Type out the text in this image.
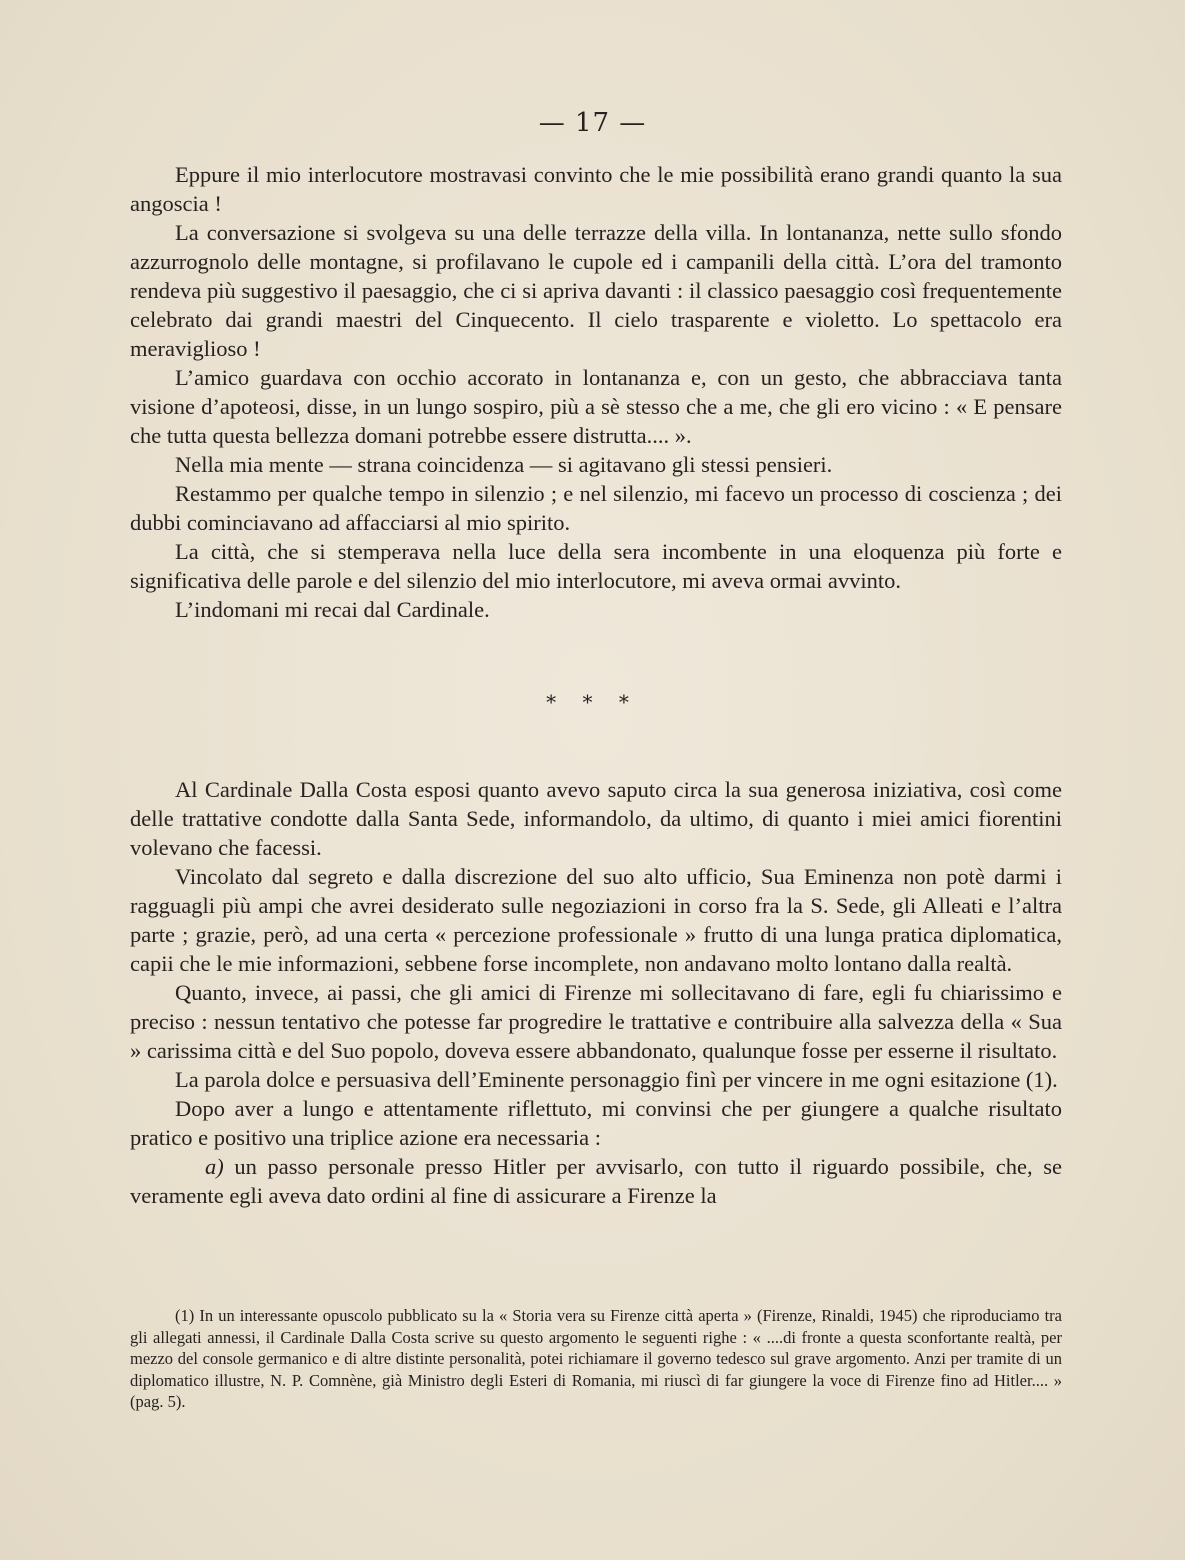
— 17 —

Eppure il mio interlocutore mostravasi convinto che le mie possibilità erano grandi quanto la sua angoscia !

La conversazione si svolgeva su una delle terrazze della villa. In lontananza, nette sullo sfondo azzurrognolo delle montagne, si profilavano le cupole ed i campanili della città. L’ora del tramonto rendeva più suggestivo il paesaggio, che ci si apriva davanti : il classico paesaggio così frequentemente celebrato dai grandi maestri del Cinquecento. Il cielo trasparente e violetto. Lo spettacolo era meraviglioso !

L’amico guardava con occhio accorato in lontananza e, con un gesto, che abbracciava tanta visione d’apoteosi, disse, in un lungo sospiro, più a sè stesso che a me, che gli ero vicino : « E pensare che tutta questa bellezza domani potrebbe essere distrutta.... ».

Nella mia mente — strana coincidenza — si agitavano gli stessi pensieri.

Restammo per qualche tempo in silenzio ; e nel silenzio, mi facevo un processo di coscienza ; dei dubbi cominciavano ad affacciarsi al mio spirito.

La città, che si stemperava nella luce della sera incombente in una eloquenza più forte e significativa delle parole e del silenzio del mio interlocutore, mi aveva ormai avvinto.

L’indomani mi recai dal Cardinale.

* * *

Al Cardinale Dalla Costa esposi quanto avevo saputo circa la sua generosa iniziativa, così come delle trattative condotte dalla Santa Sede, informandolo, da ultimo, di quanto i miei amici fiorentini volevano che facessi.

Vincolato dal segreto e dalla discrezione del suo alto ufficio, Sua Eminenza non potè darmi i ragguagli più ampi che avrei desiderato sulle negoziazioni in corso fra la S. Sede, gli Alleati e l’altra parte ; grazie, però, ad una certa « percezione professionale » frutto di una lunga pratica diplomatica, capii che le mie informazioni, sebbene forse incomplete, non andavano molto lontano dalla realtà.

Quanto, invece, ai passi, che gli amici di Firenze mi sollecitavano di fare, egli fu chiarissimo e preciso : nessun tentativo che potesse far progredire le trattative e contribuire alla salvezza della « Sua » carissima città e del Suo popolo, doveva essere abbandonato, qualunque fosse per esserne il risultato.

La parola dolce e persuasiva dell’Eminente personaggio finì per vincere in me ogni esitazione (1).

Dopo aver a lungo e attentamente riflettuto, mi convinsi che per giungere a qualche risultato pratico e positivo una triplice azione era necessaria :

a) un passo personale presso Hitler per avvisarlo, con tutto il riguardo possibile, che, se veramente egli aveva dato ordini al fine di assicurare a Firenze la

(1) In un interessante opuscolo pubblicato su la « Storia vera su Firenze città aperta » (Firenze, Rinaldi, 1945) che riproduciamo tra gli allegati annessi, il Cardinale Dalla Costa scrive su questo argomento le seguenti righe : « ....di fronte a questa sconfortante realtà, per mezzo del console germanico e di altre distinte personalità, potei richiamare il governo tedesco sul grave argomento. Anzi per tramite di un diplomatico illustre, N. P. Comnène, già Ministro degli Esteri di Romania, mi riuscì di far giungere la voce di Firenze fino ad Hitler.... » (pag. 5).
